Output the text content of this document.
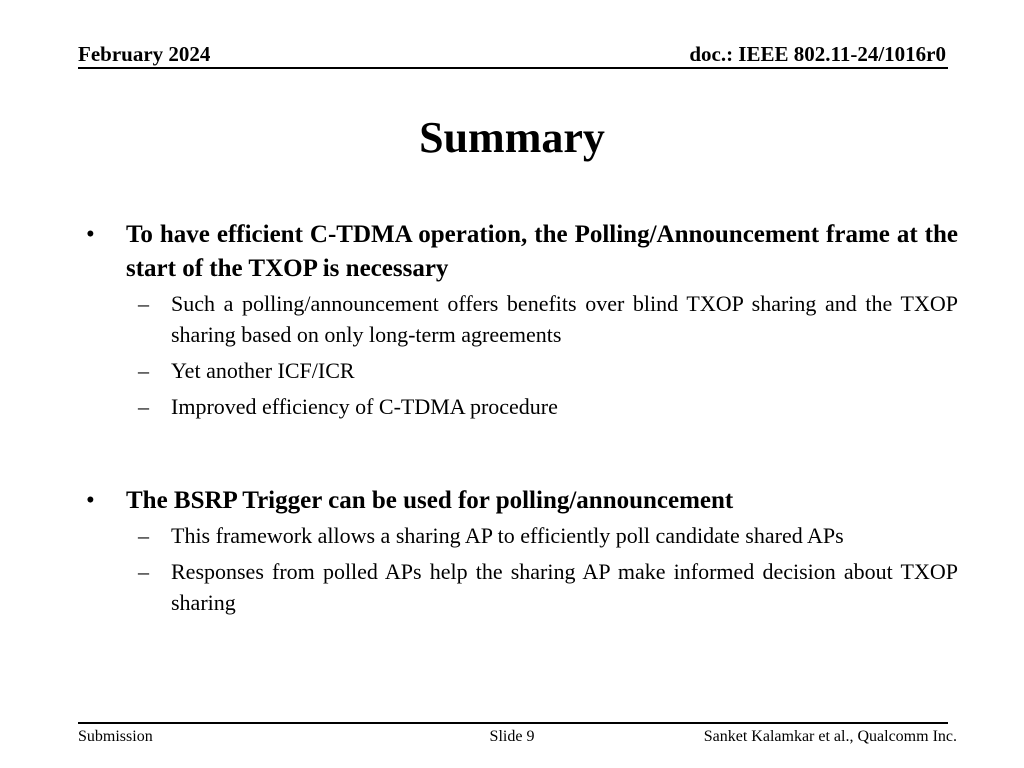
February 2024	doc.: IEEE 802.11-24/1016r0
Summary
• To have efficient C-TDMA operation, the Polling/Announcement frame at the start of the TXOP is necessary
– Such a polling/announcement offers benefits over blind TXOP sharing and the TXOP sharing based on only long-term agreements
– Yet another ICF/ICR
– Improved efficiency of C-TDMA procedure
• The BSRP Trigger can be used for polling/announcement
– This framework allows a sharing AP to efficiently poll candidate shared APs
– Responses from polled APs help the sharing AP make informed decision about TXOP sharing
Submission	Slide 9	Sanket Kalamkar et al., Qualcomm Inc.
